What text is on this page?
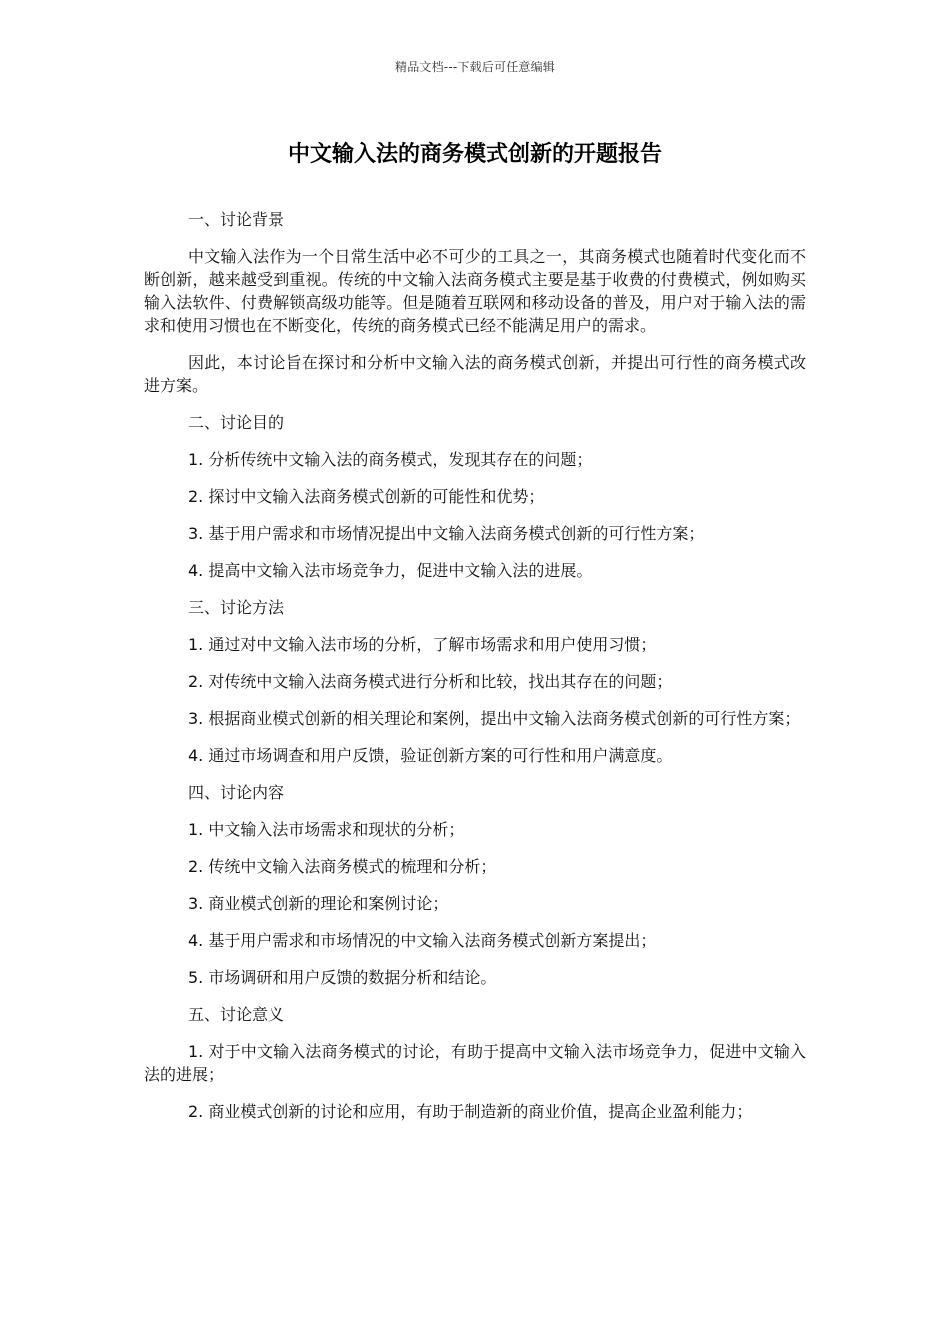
精品文档---下载后可任意编辑
中文输入法的商务模式创新的开题报告

一、讨论背景

中文输入法作为一个日常生活中必不可少的工具之一，其商务模式也随着时代变化而不断创新，越来越受到重视。传统的中文输入法商务模式主要是基于收费的付费模式，例如购买输入法软件、付费解锁高级功能等。但是随着互联网和移动设备的普及，用户对于输入法的需求和使用习惯也在不断变化，传统的商务模式已经不能满足用户的需求。

因此，本讨论旨在探讨和分析中文输入法的商务模式创新，并提出可行性的商务模式改进方案。

二、讨论目的

1. 分析传统中文输入法的商务模式，发现其存在的问题；

2. 探讨中文输入法商务模式创新的可能性和优势；

3. 基于用户需求和市场情况提出中文输入法商务模式创新的可行性方案；

4. 提高中文输入法市场竞争力，促进中文输入法的进展。

三、讨论方法

1. 通过对中文输入法市场的分析，了解市场需求和用户使用习惯；

2. 对传统中文输入法商务模式进行分析和比较，找出其存在的问题；

3. 根据商业模式创新的相关理论和案例，提出中文输入法商务模式创新的可行性方案；

4. 通过市场调查和用户反馈，验证创新方案的可行性和用户满意度。

四、讨论内容

1. 中文输入法市场需求和现状的分析；

2. 传统中文输入法商务模式的梳理和分析；

3. 商业模式创新的理论和案例讨论；

4. 基于用户需求和市场情况的中文输入法商务模式创新方案提出；

5. 市场调研和用户反馈的数据分析和结论。

五、讨论意义

1. 对于中文输入法商务模式的讨论，有助于提高中文输入法市场竞争力，促进中文输入法的进展；

2. 商业模式创新的讨论和应用，有助于制造新的商业价值，提高企业盈利能力；
